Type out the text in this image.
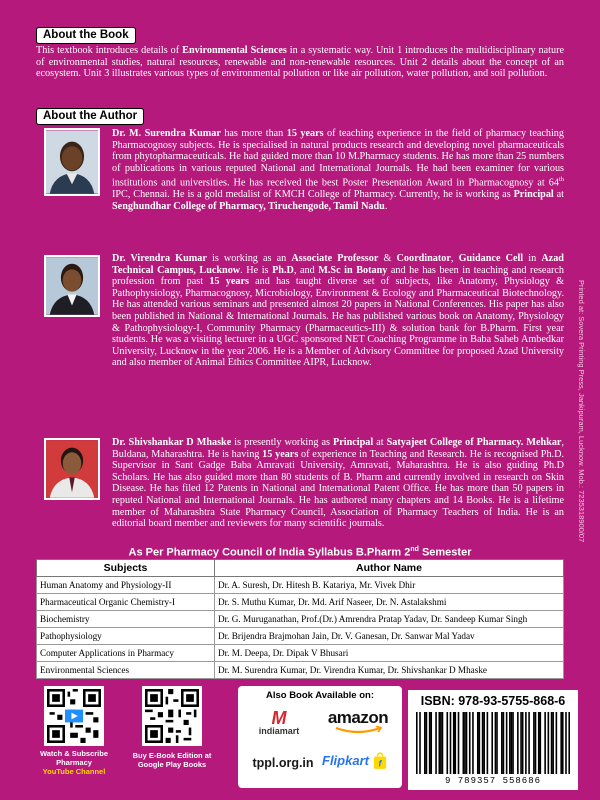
About the Book
This textbook introduces details of Environmental Sciences in a systematic way. Unit 1 introduces the multidisciplinary nature of environmental studies, natural resources, renewable and non-renewable resources. Unit 2 details about the concept of an ecosystem. Unit 3 illustrates various types of environmental pollution or like air pollution, water pollution, and soil pollution.
About the Author
Dr. M. Surendra Kumar has more than 15 years of teaching experience in the field of pharmacy teaching Pharmacognosy subjects. He is specialised in natural products research and developing novel pharmaceuticals from phytopharmaceuticals. He had guided more than 10 M.Pharmacy students. He has more than 25 numbers of publications in various reputed National and International Journals. He had been examiner for various institutions and universities. He has received the best Poster Presentation Award in Pharmacognosy at 64th IPC, Chennai. He is a gold medalist of KMCH College of Pharmacy. Currently, he is working as Principal at Senghundhar College of Pharmacy, Tiruchengode, Tamil Nadu.
Dr. Virendra Kumar is working as an Associate Professor & Coordinator, Guidance Cell in Azad Technical Campus, Lucknow. He is Ph.D, and M.Sc in Botany and he has been in teaching and research profession from past 15 years and has taught diverse set of subjects, like Anatomy, Physiology & Pathophysiology, Pharmacognosy, Microbiology, Environment & Ecology and Pharmaceutical Biotechnology. He has attended various seminars and presented almost 20 papers in National Conferences. His paper has also been published in National & International Journals. He has published various book on Anatomy, Physiology & Pathophysiology-I, Community Pharmacy (Pharmaceutics-III) & solution bank for B.Pharm. First year students. He was a visiting lecturer in a UGC sponsored NET Coaching Programme in Baba Saheb Ambedkar University, Lucknow in the year 2006. He is a Member of Advisory Committee for proposed Azad University and also member of Animal Ethics Committee AIPR, Lucknow.
Dr. Shivshankar D Mhaske is presently working as Principal at Satyajeet College of Pharmacy. Mehkar, Buldana, Maharashtra. He is having 15 years of experience in Teaching and Research. He is recognised Ph.D. Supervisor in Sant Gadge Baba Amravati University, Amravati, Maharashtra. He is also guiding Ph.D Scholars. He has also guided more than 80 students of B. Pharm and currently involved in research on Skin Disease. He has filed 12 Patents in National and International Patent Office. He has more than 50 papers in reputed National and International Journals. He has authored many chapters and 14 Books. He is a lifetime member of Maharashtra State Pharmacy Council, Association of Pharmacy Teachers of India. He is an editorial board member and reviewers for many scientific journals.	Printed at: Sovera Printing Press, Jankipuram, Lucknow. Mob.: 7235318900/07
As Per Pharmacy Council of India Syllabus B.Pharm 2nd Semester
Subjects	Author Name
Human Anatomy and Physiology-II	Dr. A. Suresh, Dr. Hitesh B. Katariya, Mr. Vivek Dhir
Pharmaceutical Organic Chemistry-I	Dr. S. Muthu Kumar, Dr. Md. Arif Naseer, Dr. N. Astalakshmi
Biochemistry	Dr. G. Muruganathan, Prof.(Dr.) Amrendra Pratap Yadav, Dr. Sandeep Kumar Singh
Pathophysiology	Dr. Brijendra Brajmohan Jain, Dr. V. Ganesan, Dr. Sanwar Mal Yadav
Computer Applications in Pharmacy	Dr. M. Deepa, Dr. Dipak V Bhusari
Environmental Sciences	Dr. M. Surendra Kumar, Dr. Virendra Kumar, Dr. Shivshankar D Mhaske
Watch & Subscribe
Pharmacy
YouTube Channel
Buy E-Book Edition at
Google Play Books
Also Book Available on:
M
indiamart
amazon
tppl.org.in Flipkart f
ISBN: 978-93-5755-868-6
9 789357 558686
